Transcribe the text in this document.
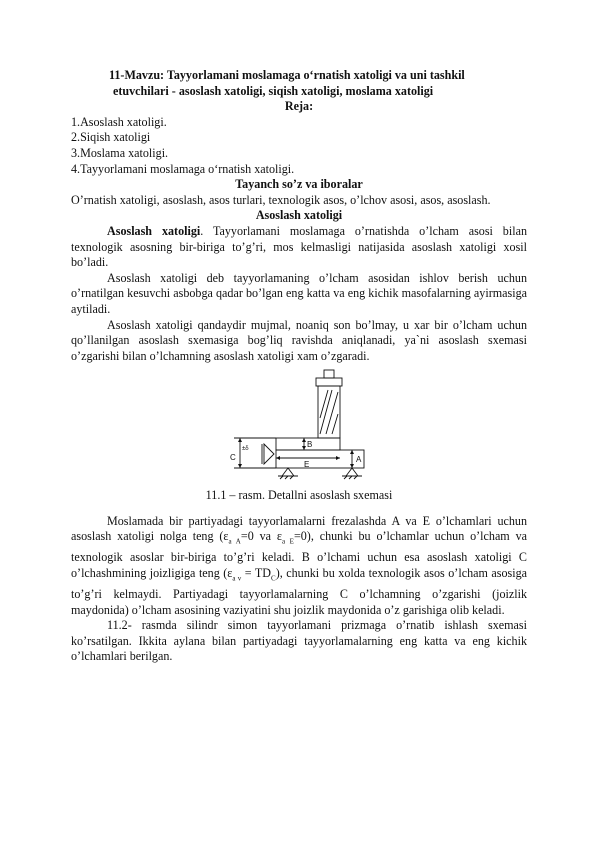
11-Mavzu: Tayyorlamani moslamaga o‘rnatish xatoligi va uni tashkil
etuvchilari - asoslash xatoligi, siqish xatoligi, moslama xatoligi

Reja:

1.Asoslash xatoligi.

2.Siqish xatoligi

3.Moslama xatoligi.

4.Tayyorlamani moslamaga o‘rnatish xatoligi.

Tayanch so’z va iboralar

O’rnatish xatoligi, asoslash, asos turlari, texnologik asos, o’lchov asosi, asos, asoslash.

Asoslash xatoligi

Asoslash xatoligi. Tayyorlamani moslamaga o’rnatishda o’lcham asosi bilan texnologik asosning bir-biriga to’g’ri, mos kelmasligi natijasida asoslash xatoligi xosil bo’ladi.

Asoslash xatoligi deb tayyorlamaning o’lcham asosidan ishlov berish uchun o’rnatilgan kesuvchi asbobga qadar bo’lgan eng katta va eng kichik masofalarning ayirmasiga aytiladi.

Asoslash xatoligi qandaydir mujmal, noaniq son bo’lmay, u xar bir o’lcham uchun qo’llanilgan asoslash sxemasiga bog’liq ravishda aniqlanadi, ya`ni asoslash sxemasi o’zgarishi bilan o’lchamning asoslash xatoligi xam o’zgaradi.

B
E
A
C
±δ

11.1 – rasm. Detallni asoslash sxemasi

Moslamada bir partiyadagi tayyorlamalarni frezalashda A va E o’lchamlari uchun asoslash xatoligi nolga teng ($\varepsilon_{a A}=0$ va $\varepsilon_{a E}=0$), chunki bu o’lchamlar uchun o’lcham va texnologik asoslar bir-biriga to’g’ri keladi. B o’lchami uchun esa asoslash xatoligi C o’lchashmining joizligiga teng $(\varepsilon_{a v} = TD_C)$, chunki bu xolda texnologik asos o’lcham asosiga to’g’ri kelmaydi. Partiyadagi tayyorlamalarning C o’lchamning o’zgarishi (joizlik maydonida) o’lcham asosining vaziyatini shu joizlik maydonida o’z garishiga olib keladi.

11.2- rasmda silindr simon tayyorlamani prizmaga o’rnatib ishlash sxemasi ko’rsatilgan. Ikkita aylana bilan partiyadagi tayyorlamalarning eng katta va eng kichik o’lchamlari berilgan.
